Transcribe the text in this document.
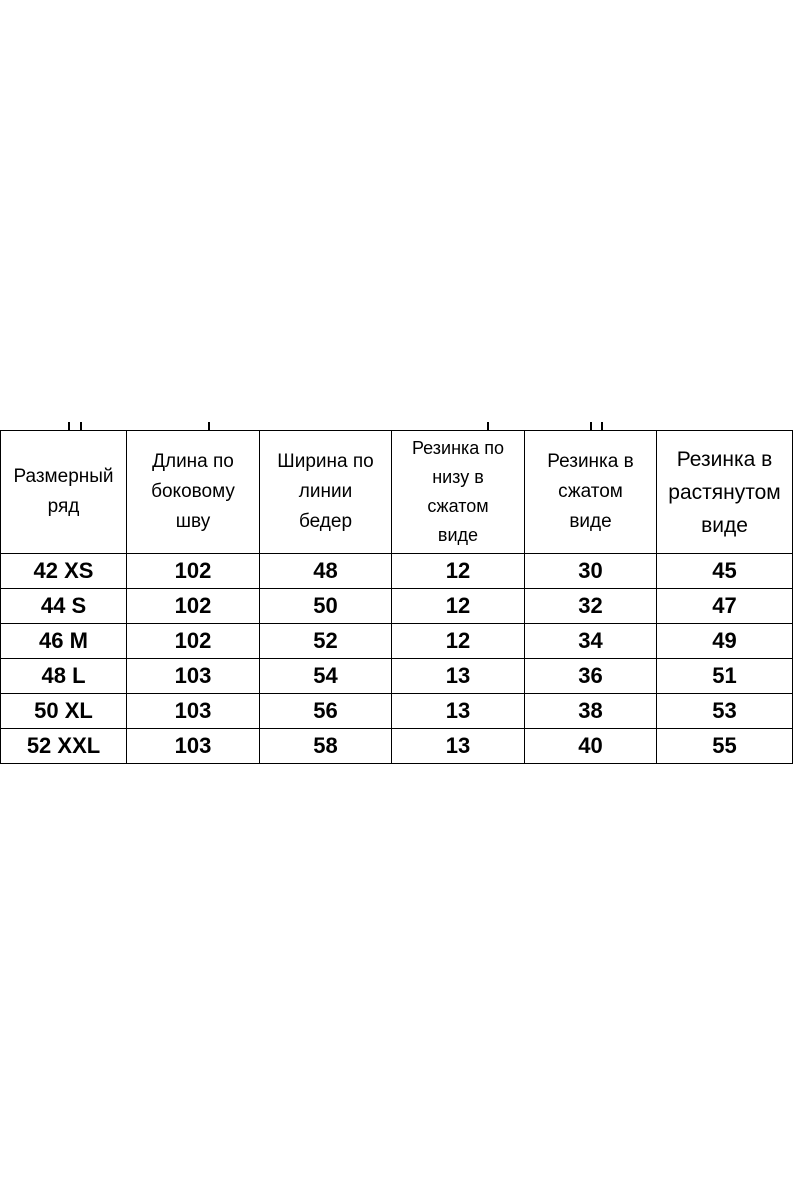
Размерный
ряд	Длина по
боковому
шву	Ширина по
линии
бедер	Резинка по
низу в
сжатом
виде	Резинка в
сжатом
виде	Резинка в
растянутом
виде

42 XS	102	48	12	30	45
44 S	102	50	12	32	47
46 M	102	52	12	34	49
48 L	103	54	13	36	51
50 XL	103	56	13	38	53
52 XXL	103	58	13	40	55
